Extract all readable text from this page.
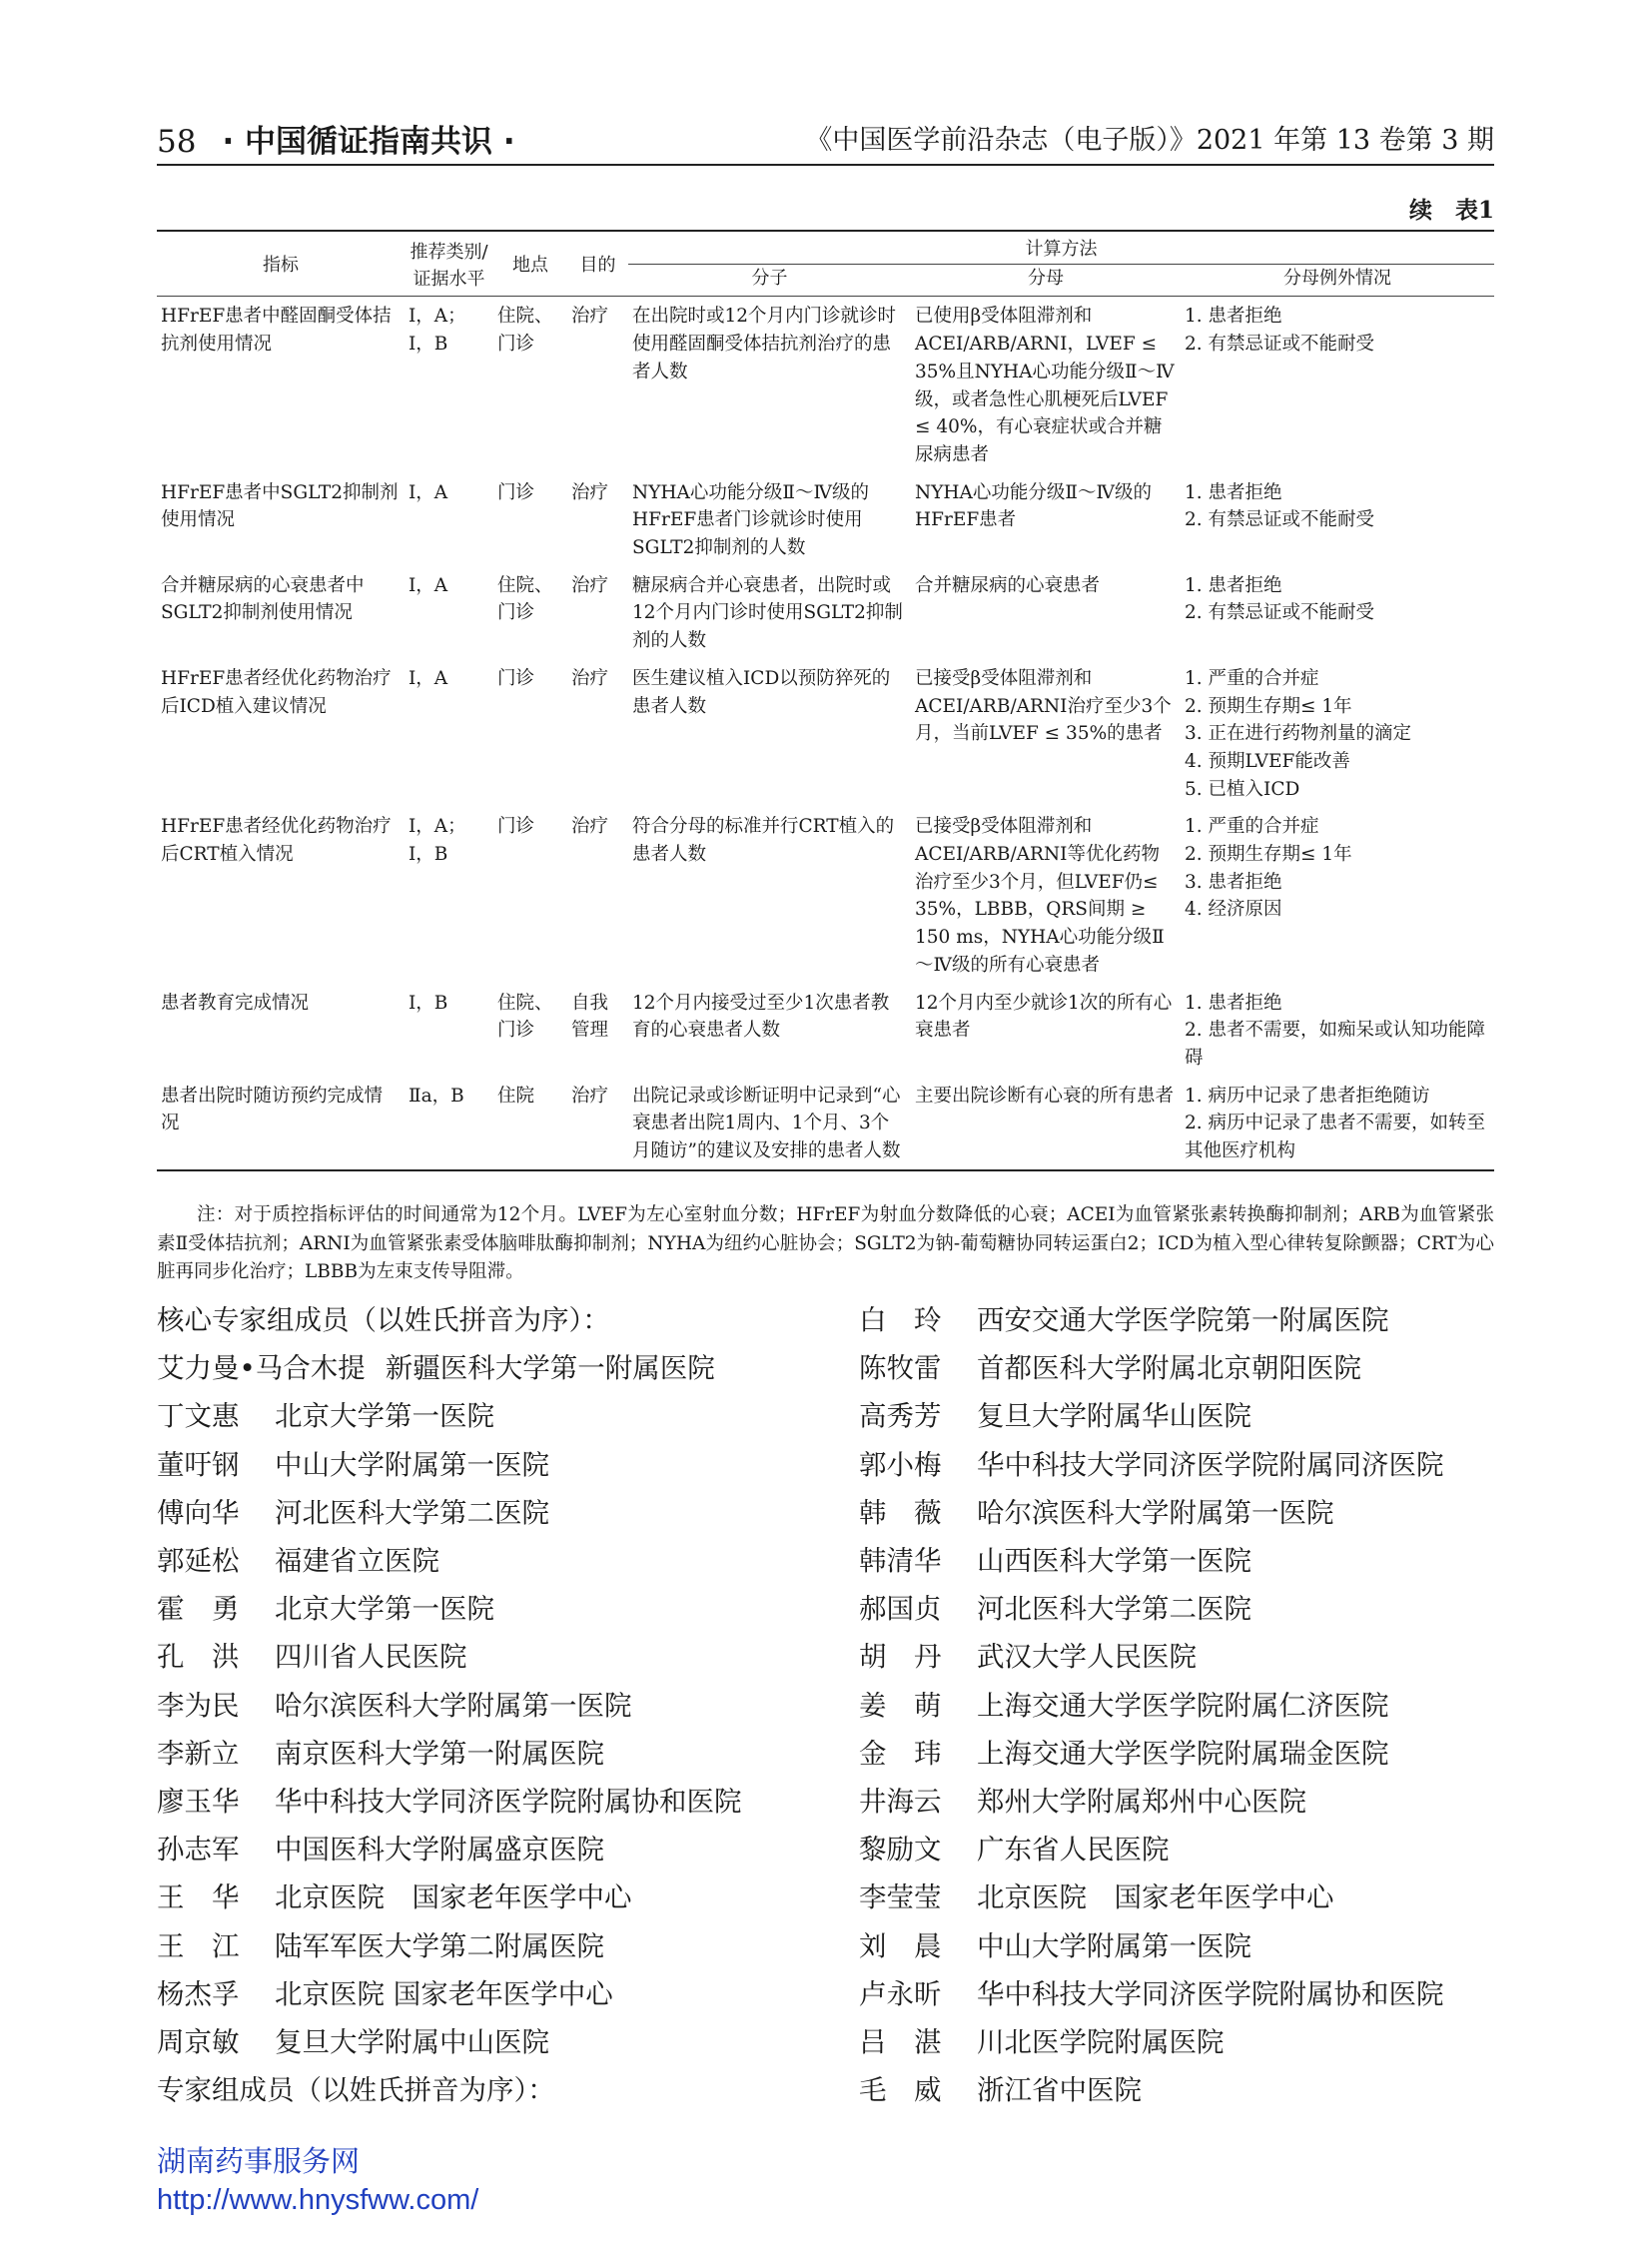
58 · 中国循证指南共识 ·	《中国医学前沿杂志（电子版）》2021 年第 13 卷第 3 期
续　表1
指标	推荐类别/证据水平	地点	目的	计算方法		
				分子	分母	分母例外情况
HFrEF患者中醛固酮受体拮抗剂使用情况	Ⅰ，A；Ⅰ，B	住院、门诊	治疗	在出院时或12个月内门诊就诊时使用醛固酮受体拮抗剂治疗的患者人数	已使用β受体阻滞剂和ACEI/ARB/ARNI，LVEF ≤ 35%且NYHA心功能分级Ⅱ～Ⅳ级，或者急性心肌梗死后LVEF ≤ 40%，有心衰症状或合并糖尿病患者	1. 患者拒绝
2. 有禁忌证或不能耐受

HFrEF患者中SGLT2抑制剂使用情况	Ⅰ，A	门诊	治疗	NYHA心功能分级Ⅱ～Ⅳ级的HFrEF患者门诊就诊时使用SGLT2抑制剂的人数	NYHA心功能分级Ⅱ～Ⅳ级的HFrEF患者	1. 患者拒绝
2. 有禁忌证或不能耐受

合并糖尿病的心衰患者中SGLT2抑制剂使用情况	Ⅰ，A	住院、门诊	治疗	糖尿病合并心衰患者，出院时或12个月内门诊时使用SGLT2抑制剂的人数	合并糖尿病的心衰患者	1. 患者拒绝
2. 有禁忌证或不能耐受

HFrEF患者经优化药物治疗后ICD植入建议情况	Ⅰ，A	门诊	治疗	医生建议植入ICD以预防猝死的患者人数	已接受β受体阻滞剂和ACEI/ARB/ARNI治疗至少3个月，当前LVEF ≤ 35%的患者	1. 严重的合并症
2. 预期生存期≤ 1年
3. 正在进行药物剂量的滴定
4. 预期LVEF能改善
5. 已植入ICD

HFrEF患者经优化药物治疗后CRT植入情况	Ⅰ，A；Ⅰ，B	门诊	治疗	符合分母的标准并行CRT植入的患者人数	已接受β受体阻滞剂和ACEI/ARB/ARNI等优化药物治疗至少3个月，但LVEF仍≤ 35%，LBBB，QRS间期 ≥ 150 ms，NYHA心功能分级Ⅱ～Ⅳ级的所有心衰患者	1. 严重的合并症
2. 预期生存期≤ 1年
3. 患者拒绝
4. 经济原因

患者教育完成情况	Ⅰ，B	住院、门诊	自我管理	12个月内接受过至少1次患者教育的心衰患者人数	12个月内至少就诊1次的所有心衰患者	1. 患者拒绝
2. 患者不需要，如痴呆或认知功能障碍

患者出院时随访预约完成情况	Ⅱa，B	住院	治疗	出院记录或诊断证明中记录到“心衰患者出院1周内、1个月、3个月随访”的建议及安排的患者人数	主要出院诊断有心衰的所有患者	1. 病历中记录了患者拒绝随访
2. 病历中记录了患者不需要，如转至其他医疗机构
注：对于质控指标评估的时间通常为12个月。LVEF为左心室射血分数；HFrEF为射血分数降低的心衰；ACEI为血管紧张素转换酶抑制剂；ARB为血管紧张素Ⅱ受体拮抗剂；ARNI为血管紧张素受体脑啡肽酶抑制剂；NYHA为纽约心脏协会；SGLT2为钠-葡萄糖协同转运蛋白2；ICD为植入型心律转复除颤器；CRT为心脏再同步化治疗；LBBB为左束支传导阻滞。
核心专家组成员（以姓氏拼音为序）：
艾力曼•马合木提 新疆医科大学第一附属医院
丁文惠 北京大学第一医院
董吁钢 中山大学附属第一医院
傅向华 河北医科大学第二医院
郭延松 福建省立医院
霍　勇 北京大学第一医院
孔　洪 四川省人民医院
李为民 哈尔滨医科大学附属第一医院
李新立 南京医科大学第一附属医院
廖玉华 华中科技大学同济医学院附属协和医院
孙志军 中国医科大学附属盛京医院
王　华 北京医院　国家老年医学中心
王　江 陆军军医大学第二附属医院
杨杰孚 北京医院 国家老年医学中心
周京敏 复旦大学附属中山医院
专家组成员（以姓氏拼音为序）：
白　玲 西安交通大学医学院第一附属医院
陈牧雷 首都医科大学附属北京朝阳医院
高秀芳 复旦大学附属华山医院
郭小梅 华中科技大学同济医学院附属同济医院
韩　薇 哈尔滨医科大学附属第一医院
韩清华 山西医科大学第一医院
郝国贞 河北医科大学第二医院
胡　丹 武汉大学人民医院
姜　萌 上海交通大学医学院附属仁济医院
金　玮 上海交通大学医学院附属瑞金医院
井海云 郑州大学附属郑州中心医院
黎励文 广东省人民医院
李莹莹 北京医院　国家老年医学中心
刘　晨 中山大学附属第一医院
卢永昕 华中科技大学同济医学院附属协和医院
吕　湛 川北医学院附属医院
毛　威 浙江省中医院
湖南药事服务网
http://www.hnysfww.com/
